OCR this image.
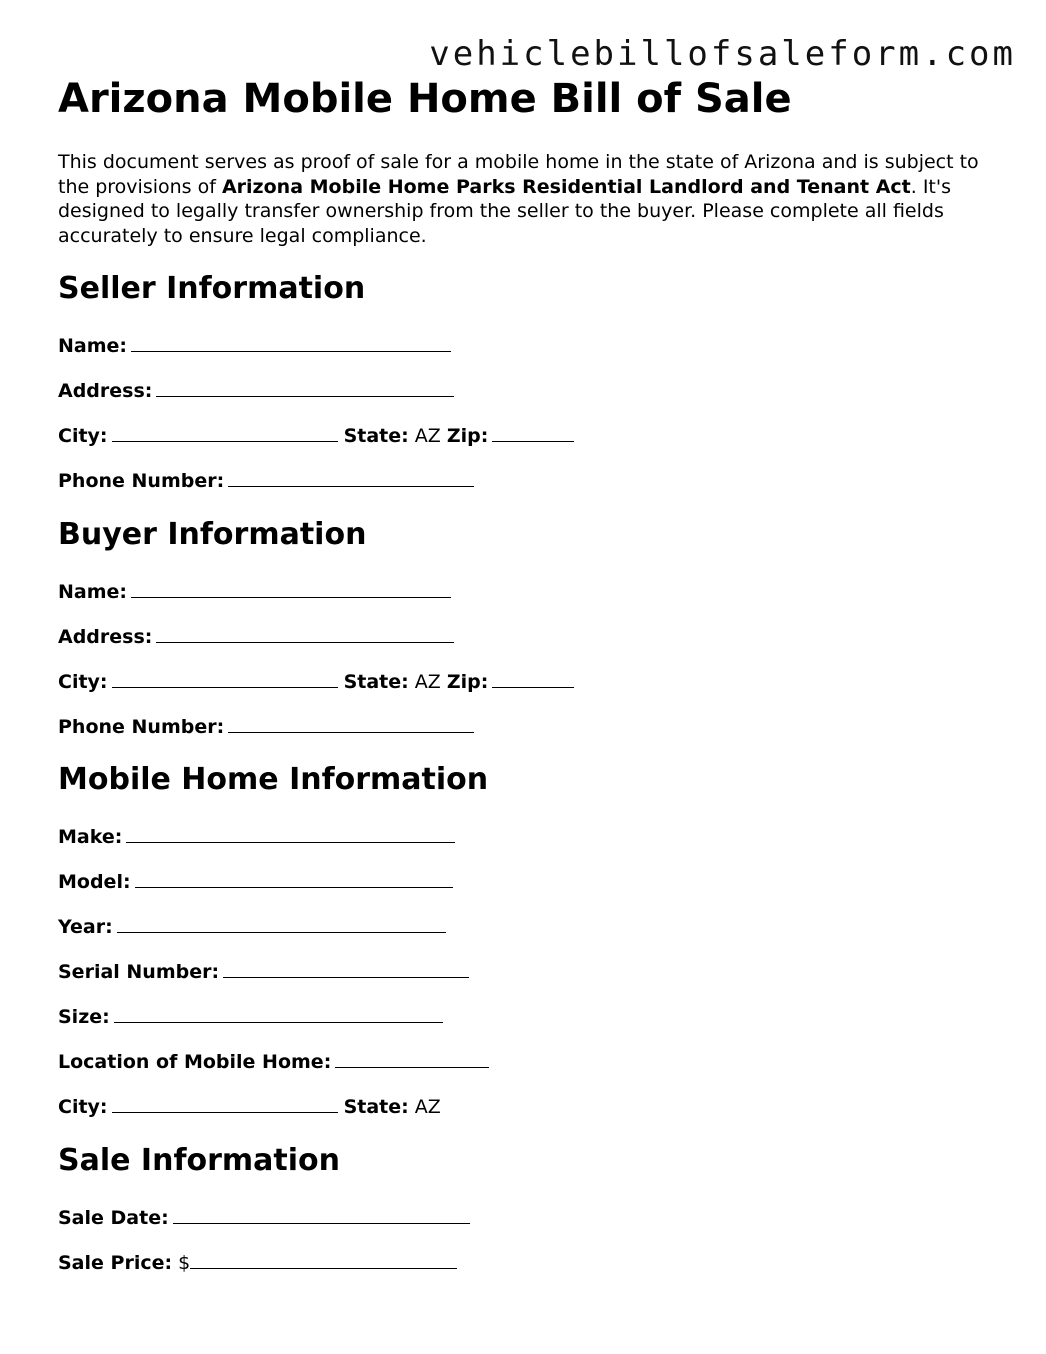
vehiclebillofsaleform.com
Arizona Mobile Home Bill of Sale

This document serves as proof of sale for a mobile home in the state of Arizona and is subject to the provisions of Arizona Mobile Home Parks Residential Landlord and Tenant Act. It's designed to legally transfer ownership from the seller to the buyer. Please complete all fields accurately to ensure legal compliance.

Seller Information
Name:
Address:
City:	State: AZ Zip:
Phone Number:
Buyer Information
Name:
Address:
City:	State: AZ Zip:
Phone Number:
Mobile Home Information
Make:
Model:
Year:
Serial Number:
Size:
Location of Mobile Home:
City:	State: AZ
Sale Information
Sale Date:
Sale Price: $
